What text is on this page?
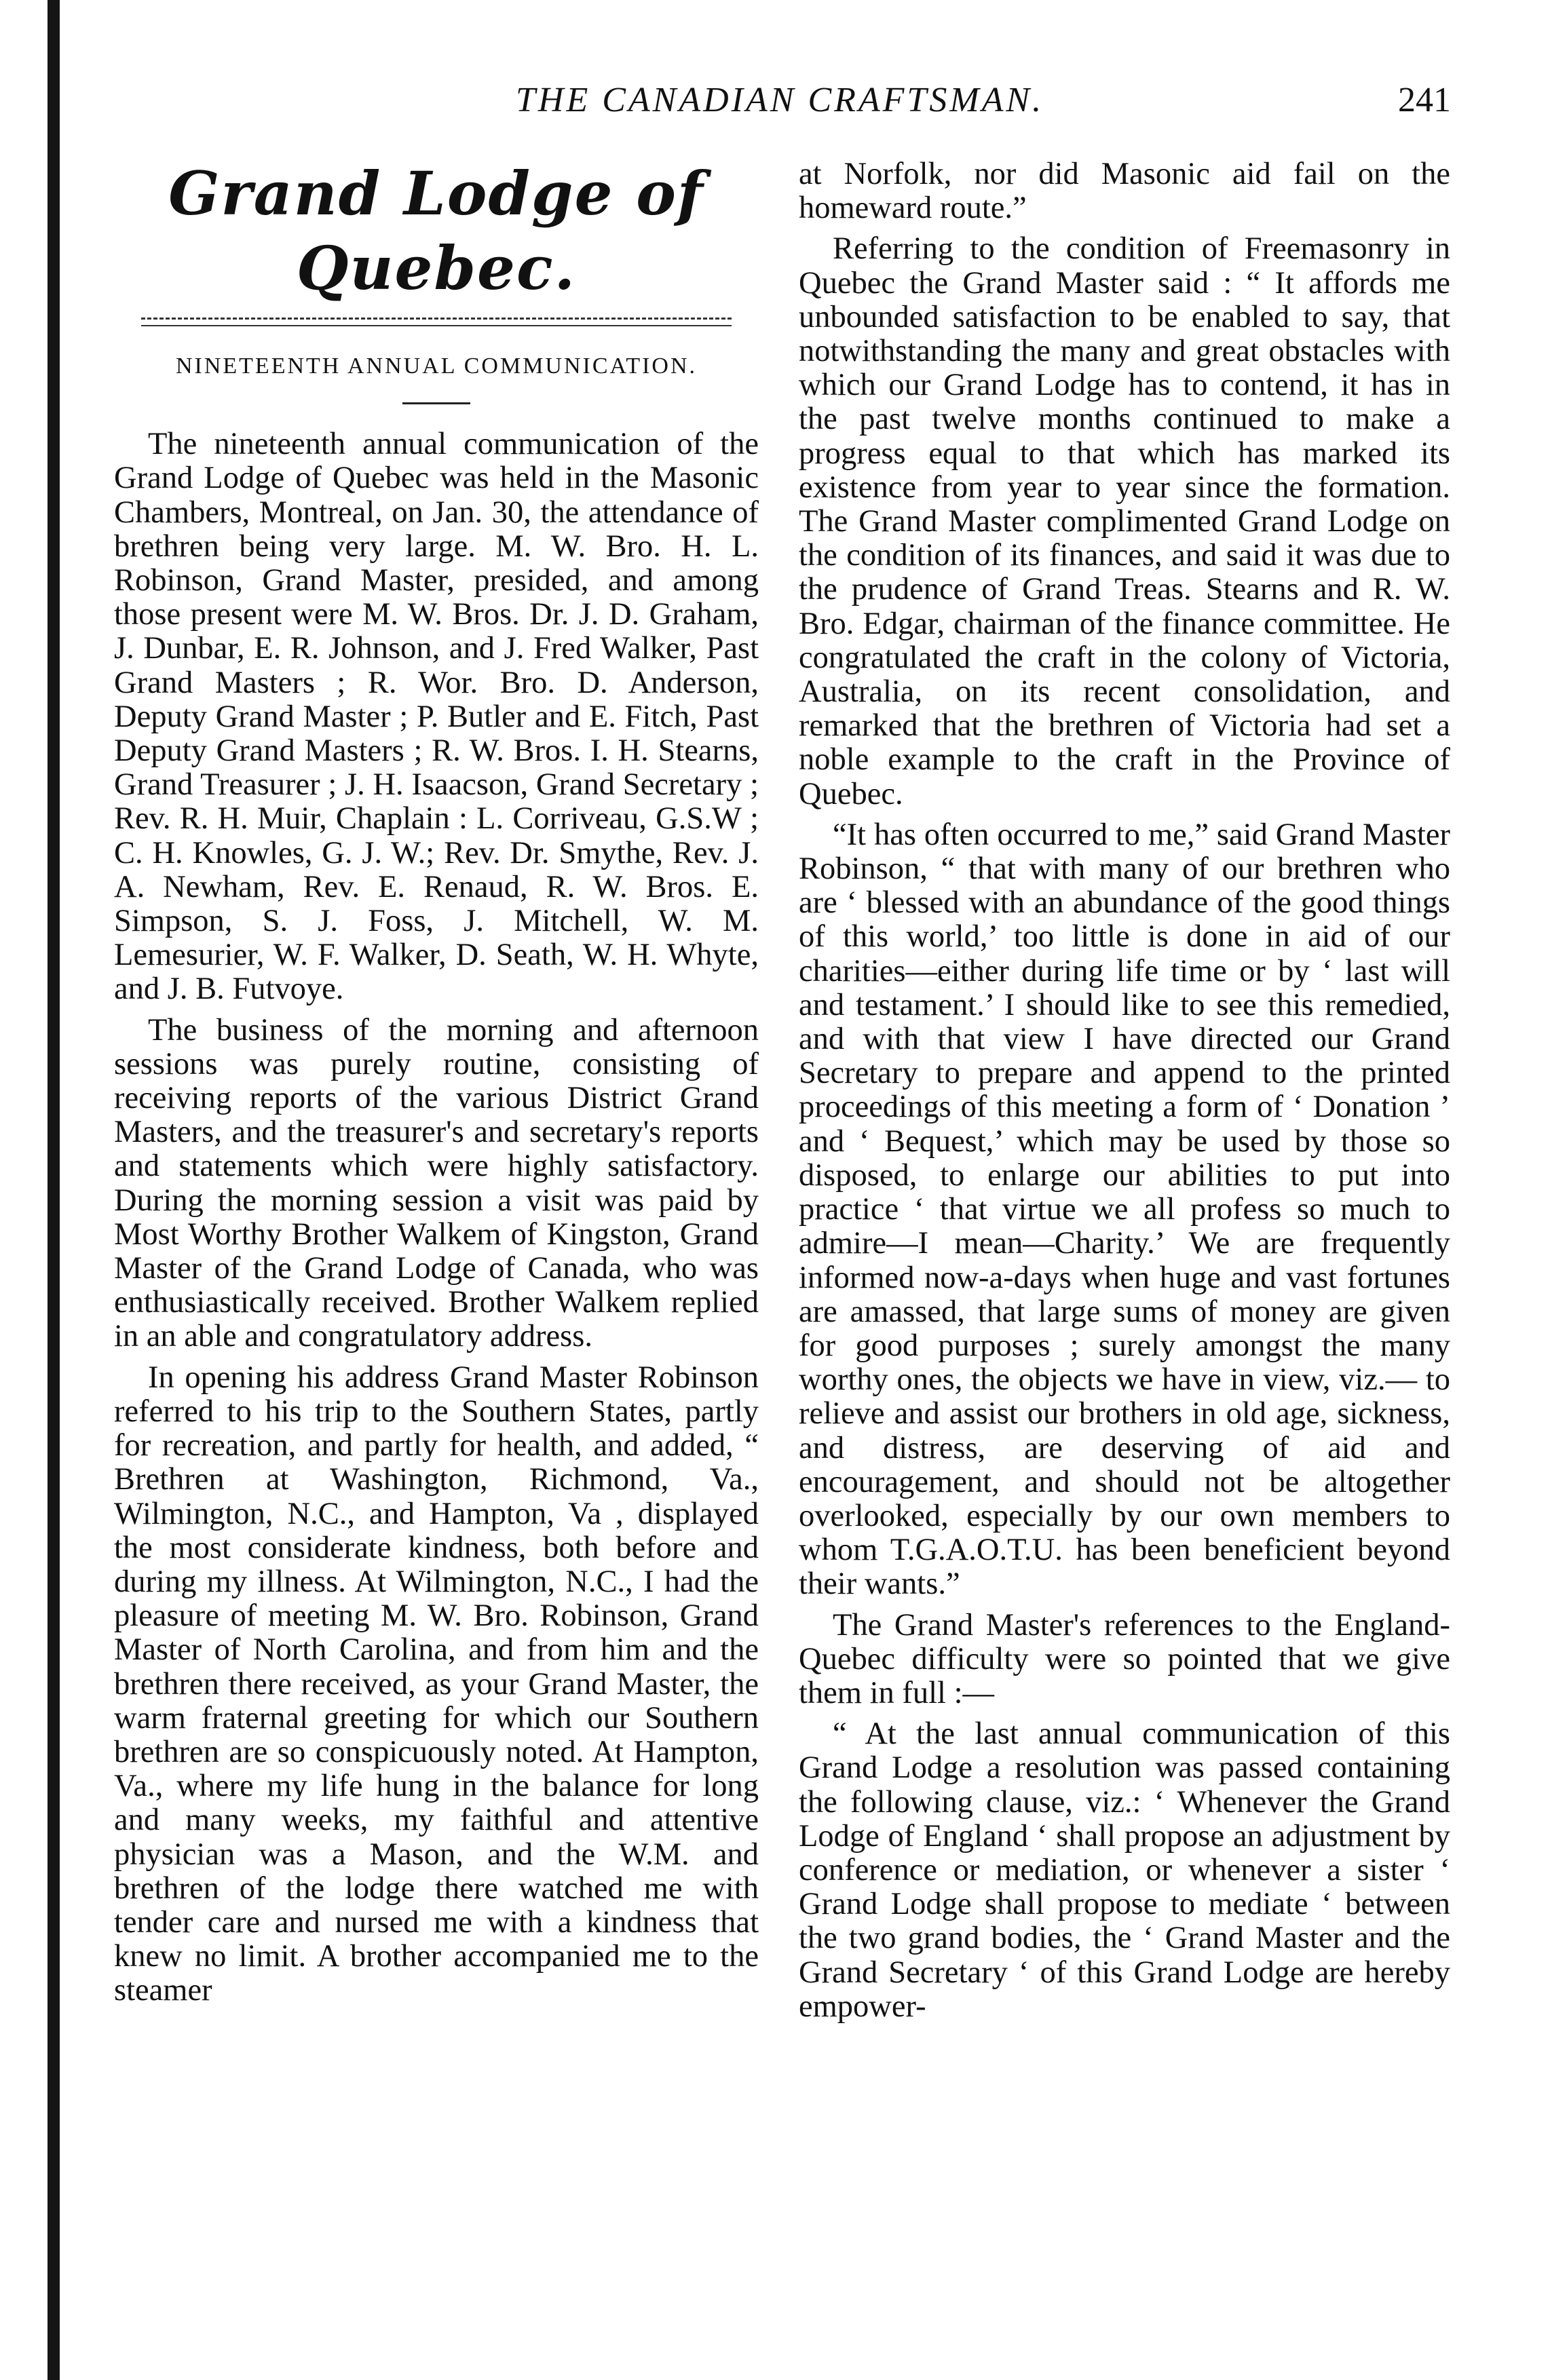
THE CANADIAN CRAFTSMAN.	241
Grand Lodge of Quebec.
NINETEENTH ANNUAL COMMUNICATION.

The nineteenth annual communication of the Grand Lodge of Quebec was held in the Masonic Chambers, Montreal, on Jan. 30, the attendance of brethren being very large. M. W. Bro. H. L. Robinson, Grand Master, presided, and among those present were M. W. Bros. Dr. J. D. Graham, J. Dunbar, E. R. Johnson, and J. Fred Walker, Past Grand Masters ; R. Wor. Bro. D. Anderson, Deputy Grand Master ; P. Butler and E. Fitch, Past Deputy Grand Masters ; R. W. Bros. I. H. Stearns, Grand Treasurer ; J. H. Isaacson, Grand Secretary ; Rev. R. H. Muir, Chaplain : L. Corriveau, G.S.W ; C. H. Knowles, G. J. W.; Rev. Dr. Smythe, Rev. J. A. Newham, Rev. E. Renaud, R. W. Bros. E. Simpson, S. J. Foss, J. Mitchell, W. M. Lemesurier, W. F. Walker, D. Seath, W. H. Whyte, and J. B. Futvoye.

The business of the morning and afternoon sessions was purely routine, consisting of receiving reports of the various District Grand Masters, and the treasurer's and secretary's reports and statements which were highly satisfactory. During the morning session a visit was paid by Most Worthy Brother Walkem of Kingston, Grand Master of the Grand Lodge of Canada, who was enthusiastically received. Brother Walkem replied in an able and congratulatory address.

In opening his address Grand Master Robinson referred to his trip to the Southern States, partly for recreation, and partly for health, and added, “ Brethren at Washington, Richmond, Va., Wilmington, N.C., and Hampton, Va , displayed the most considerate kindness, both before and during my illness. At Wilmington, N.C., I had the pleasure of meeting M. W. Bro. Robinson, Grand Master of North Carolina, and from him and the brethren there received, as your Grand Master, the warm fraternal greeting for which our Southern brethren are so conspicuously noted. At Hampton, Va., where my life hung in the balance for long and many weeks, my faithful and attentive physician was a Mason, and the W.M. and brethren of the lodge there watched me with tender care and nursed me with a kindness that knew no limit. A brother accompanied me to the steamer

at Norfolk, nor did Masonic aid fail on the homeward route.”

Referring to the condition of Freemasonry in Quebec the Grand Master said : “ It affords me unbounded satisfaction to be enabled to say, that notwithstanding the many and great obstacles with which our Grand Lodge has to contend, it has in the past twelve months continued to make a progress equal to that which has marked its existence from year to year since the formation. The Grand Master complimented Grand Lodge on the condition of its finances, and said it was due to the prudence of Grand Treas. Stearns and R. W. Bro. Edgar, chairman of the finance committee. He congratulated the craft in the colony of Victoria, Australia, on its recent consolidation, and remarked that the brethren of Victoria had set a noble example to the craft in the Province of Quebec.

“It has often occurred to me,” said Grand Master Robinson, “ that with many of our brethren who are ‘ blessed with an abundance of the good things of this world,’ too little is done in aid of our charities—either during life time or by ‘ last will and testament.’ I should like to see this remedied, and with that view I have directed our Grand Secretary to prepare and append to the printed proceedings of this meeting a form of ‘ Donation ’ and ‘ Bequest,’ which may be used by those so disposed, to enlarge our abilities to put into practice ‘ that virtue we all profess so much to admire—I mean—Charity.’ We are frequently informed now-a-days when huge and vast fortunes are amassed, that large sums of money are given for good purposes ; surely amongst the many worthy ones, the objects we have in view, viz.— to relieve and assist our brothers in old age, sickness, and distress, are deserving of aid and encouragement, and should not be altogether overlooked, especially by our own members to whom T.G.A.O.T.U. has been beneficient beyond their wants.”

The Grand Master's references to the England-Quebec difficulty were so pointed that we give them in full :—

“ At the last annual communication of this Grand Lodge a resolution was passed containing the following clause, viz.: ‘ Whenever the Grand Lodge of England ‘ shall propose an adjustment by conference or mediation, or whenever a sister ‘ Grand Lodge shall propose to mediate ‘ between the two grand bodies, the ‘ Grand Master and the Grand Secretary ‘ of this Grand Lodge are hereby empower-
